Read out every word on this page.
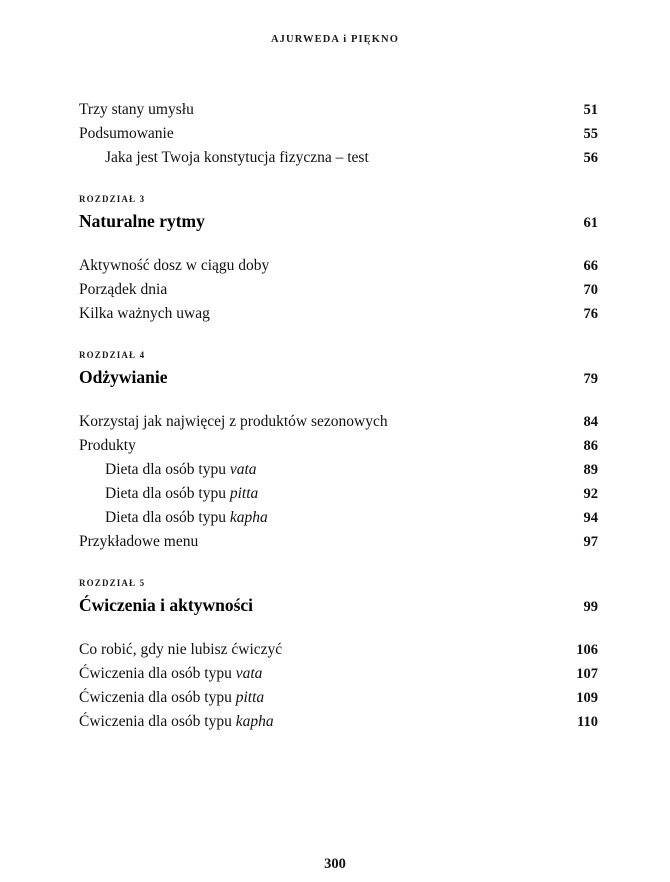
AJURWEDA i PIĘKNO
Trzy stany umysłu	51
Podsumowanie	55
Jaka jest Twoja konstytucja fizyczna – test	56
ROZDZIAŁ 3
Naturalne rytmy	61
Aktywność dosz w ciągu doby	66
Porządek dnia	70
Kilka ważnych uwag	76
ROZDZIAŁ 4
Odżywianie	79
Korzystaj jak najwięcej z produktów sezonowych	84
Produkty	86
Dieta dla osób typu vata	89
Dieta dla osób typu pitta	92
Dieta dla osób typu kapha	94
Przykładowe menu	97
ROZDZIAŁ 5
Ćwiczenia i aktywności	99
Co robić, gdy nie lubisz ćwiczyć	106
Ćwiczenia dla osób typu vata	107
Ćwiczenia dla osób typu pitta	109
Ćwiczenia dla osób typu kapha	110
300
